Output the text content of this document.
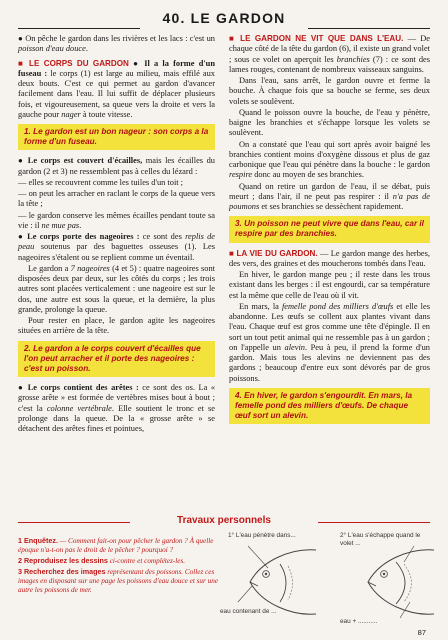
40. LE GARDON

● On pêche le gardon dans les rivières et les lacs : c'est un poisson d'eau douce.

■ LE CORPS DU GARDON ● Il a la forme d'un fuseau : le corps (1) est large au milieu, mais effilé aux deux bouts. C'est ce qui permet au gardon d'avancer facilement dans l'eau. Il lui suffit de déplacer plusieurs fois, et vigoureusement, sa queue vers la droite et vers la gauche pour nager à toute vitesse.

1. Le gardon est un bon nageur : son corps a la forme d'un fuseau.

● Le corps est couvert d'écailles, mais les écailles du gardon (2 et 3) ne ressemblent pas à celles du lézard :

— elles se recouvrent comme les tuiles d'un toit ;

— on peut les arracher en raclant le corps de la queue vers la tête ;

— le gardon conserve les mêmes écailles pendant toute sa vie : il ne mue pas.

● Le corps porte des nageoires : ce sont des replis de peau soutenus par des baguettes osseuses (1). Les nageoires s'étalent ou se replient comme un éventail.

Le gardon a 7 nageoires (4 et 5) : quatre nageoires sont disposées deux par deux, sur les côtés du corps ; les trois autres sont placées verticalement : une nageoire est sur le dos, une autre est sous la queue, et la dernière, la plus grande, prolonge la queue.

Pour rester en place, le gardon agite les nageoires situées en arrière de la tête.

2. Le gardon a le corps couvert d'écailles que l'on peut arracher et il porte des nageoires : c'est un poisson.

● Le corps contient des arêtes : ce sont des os. La « grosse arête » est formée de vertèbres mises bout à bout ; c'est la colonne vertébrale. Elle soutient le tronc et se prolonge dans la queue. De la « grosse arête » se détachent des arêtes fines et pointues,

■ LE GARDON NE VIT QUE DANS L'EAU. — De chaque côté de la tête du gardon (6), il existe un grand volet ; sous ce volet on aperçoit les branchies (7) : ce sont des lames rouges, contenant de nombreux vaisseaux sanguins.

Dans l'eau, sans arrêt, le gardon ouvre et ferme la bouche. À chaque fois que sa bouche se ferme, ses deux volets se soulèvent.

Quand le poisson ouvre la bouche, de l'eau y pénètre, baigne les branchies et s'échappe lorsque les volets se soulèvent.

On a constaté que l'eau qui sort après avoir baigné les branchies contient moins d'oxygène dissous et plus de gaz carbonique que l'eau qui pénètre dans la bouche : le gardon respire donc au moyen de ses branchies.

Quand on retire un gardon de l'eau, il se débat, puis meurt ; dans l'air, il ne peut pas respirer : il n'a pas de poumons et ses branchies se dessèchent rapidement.

3. Un poisson ne peut vivre que dans l'eau, car il respire par des branchies.

■ LA VIE DU GARDON. — Le gardon mange des herbes, des vers, des graines et des moucherons tombés dans l'eau.

En hiver, le gardon mange peu ; il reste dans les trous existant dans les berges : il est engourdi, car sa température est la même que celle de l'eau où il vit.

En mars, la femelle pond des milliers d'œufs et elle les abandonne. Les œufs se collent aux plantes vivant dans l'eau. Chaque œuf est gros comme une tête d'épingle. Il en sort un tout petit animal qui ne ressemble pas à un gardon ; on l'appelle un alevin. Peu à peu, il prend la forme d'un gardon. Mais tous les alevins ne deviennent pas des gardons ; beaucoup d'entre eux sont dévorés par de gros poissons.

4. En hiver, le gardon s'engourdit. En mars, la femelle pond des milliers d'œufs. De chaque œuf sort un alevin.
Travaux personnels

1 Enquêtez. — Comment fait-on pour pêcher le gardon ? À quelle époque n'a-t-on pas le droit de le pêcher ? pourquoi ?

2 Reproduisez les dessins ci-contre et complétez-les.

3 Recherchez des images représentant des poissons. Collez ces images en disposant sur une page les poissons d'eau douce et sur une autre les poissons de mer.

1° L'eau pénètre dans...
eau contenant de ...
2° L'eau s'échappe quand le volet ...
eau + ...........
87
